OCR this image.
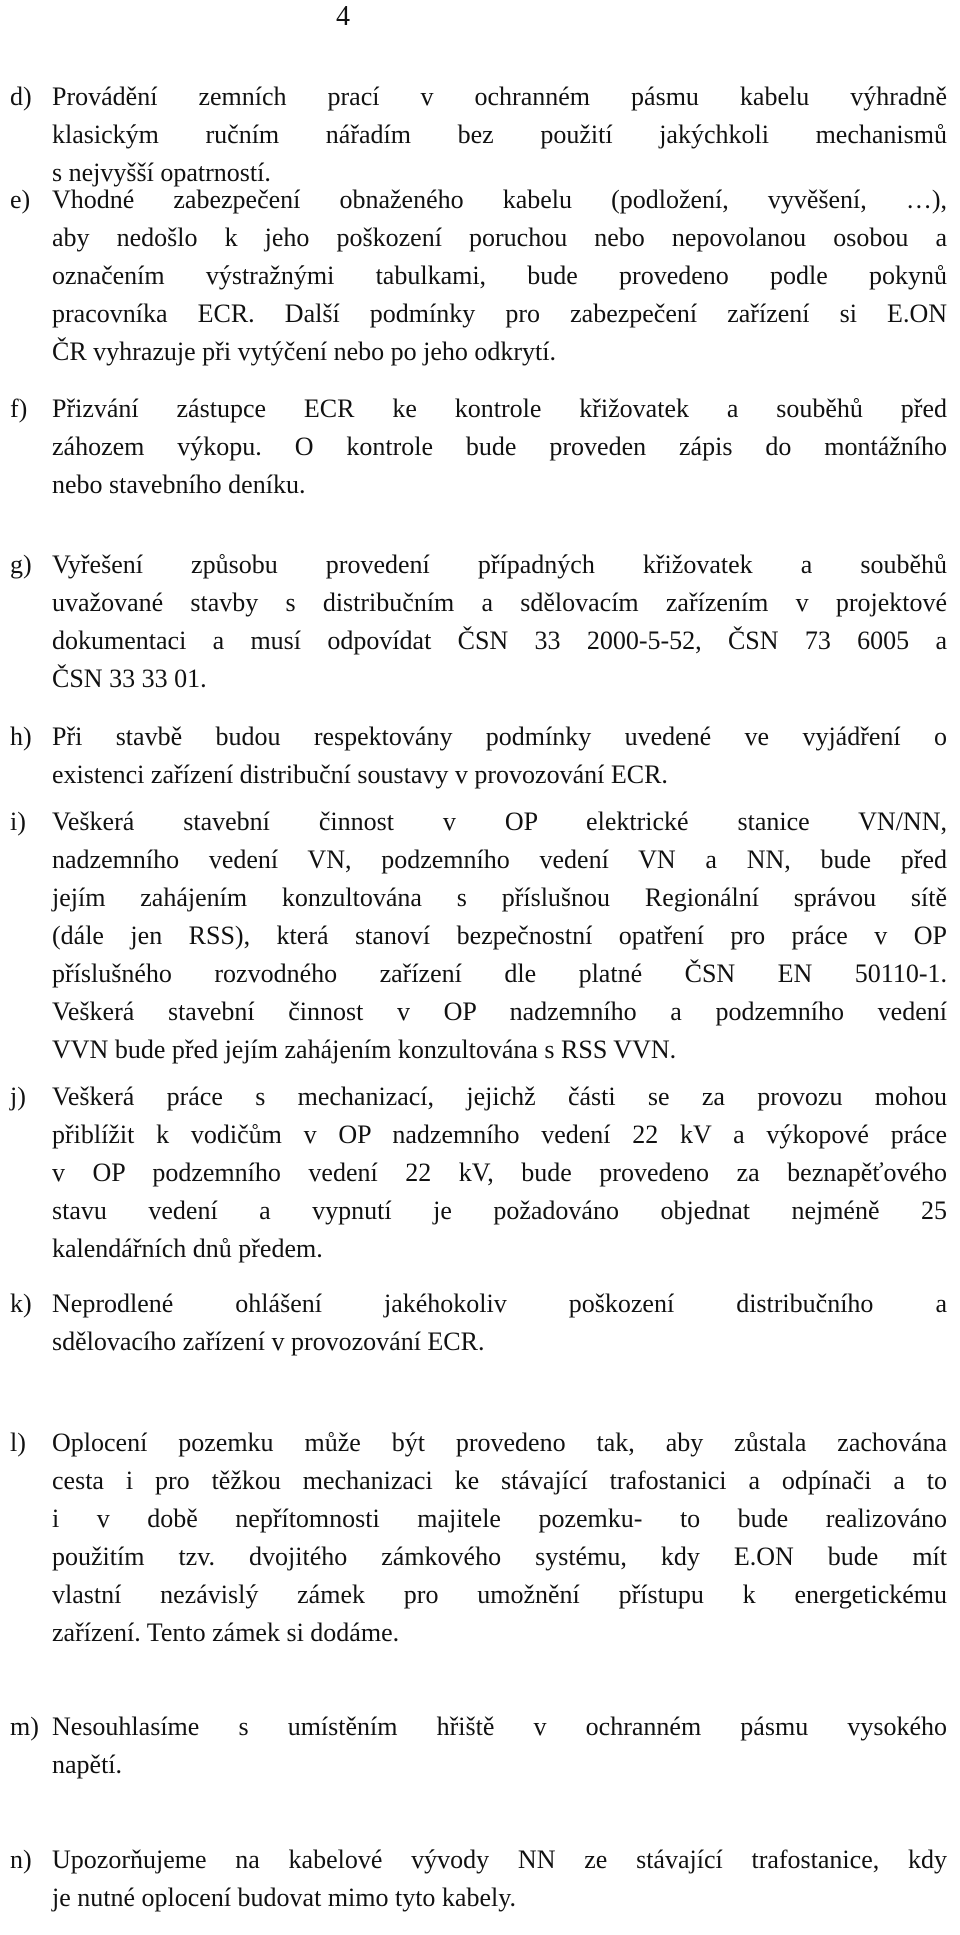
4
d) Provádění zemních prací v ochranném pásmu kabelu výhradně
klasickým ručním nářadím bez použití jakýchkoli mechanismů
s nejvyšší opatrností.
e) Vhodné zabezpečení obnaženého kabelu (podložení, vyvěšení, …),
aby nedošlo k jeho poškození poruchou nebo nepovolanou osobou a
označením výstražnými tabulkami, bude provedeno podle pokynů
pracovníka ECR. Další podmínky pro zabezpečení zařízení si E.ON
ČR vyhrazuje při vytýčení nebo po jeho odkrytí.
f) Přizvání zástupce ECR ke kontrole křižovatek a souběhů před
záhozem výkopu. O kontrole bude proveden zápis do montážního
nebo stavebního deníku.
g) Vyřešení způsobu provedení případných křižovatek a souběhů
uvažované stavby s distribučním a sdělovacím zařízením v projektové
dokumentaci a musí odpovídat ČSN 33 2000-5-52, ČSN 73 6005 a
ČSN 33 33 01.
h) Při stavbě budou respektovány podmínky uvedené ve vyjádření o
existenci zařízení distribuční soustavy v provozování ECR.
i) Veškerá stavební činnost v OP elektrické stanice VN/NN,
nadzemního vedení VN, podzemního vedení VN a NN, bude před
jejím zahájením konzultována s příslušnou Regionální správou sítě
(dále jen RSS), která stanoví bezpečnostní opatření pro práce v OP
příslušného rozvodného zařízení dle platné ČSN EN 50110-1.
Veškerá stavební činnost v OP nadzemního a podzemního vedení
VVN bude před jejím zahájením konzultována s RSS VVN.
j) Veškerá práce s mechanizací, jejichž části se za provozu mohou
přiblížit k vodičům v OP nadzemního vedení 22 kV a výkopové práce
v OP podzemního vedení 22 kV, bude provedeno za beznapěťového
stavu vedení a vypnutí je požadováno objednat nejméně 25
kalendářních dnů předem.
k) Neprodlené ohlášení jakéhokoliv poškození distribučního a
sdělovacího zařízení v provozování ECR.
l) Oplocení pozemku může být provedeno tak, aby zůstala zachována
cesta i pro těžkou mechanizaci ke stávající trafostanici a odpínači a to
i v době nepřítomnosti majitele pozemku- to bude realizováno
použitím tzv. dvojitého zámkového systému, kdy E.ON bude mít
vlastní nezávislý zámek pro umožnění přístupu k energetickému
zařízení. Tento zámek si dodáme.
m) Nesouhlasíme s umístěním hřiště v ochranném pásmu vysokého
napětí.
n) Upozorňujeme na kabelové vývody NN ze stávající trafostanice, kdy
je nutné oplocení budovat mimo tyto kabely.
